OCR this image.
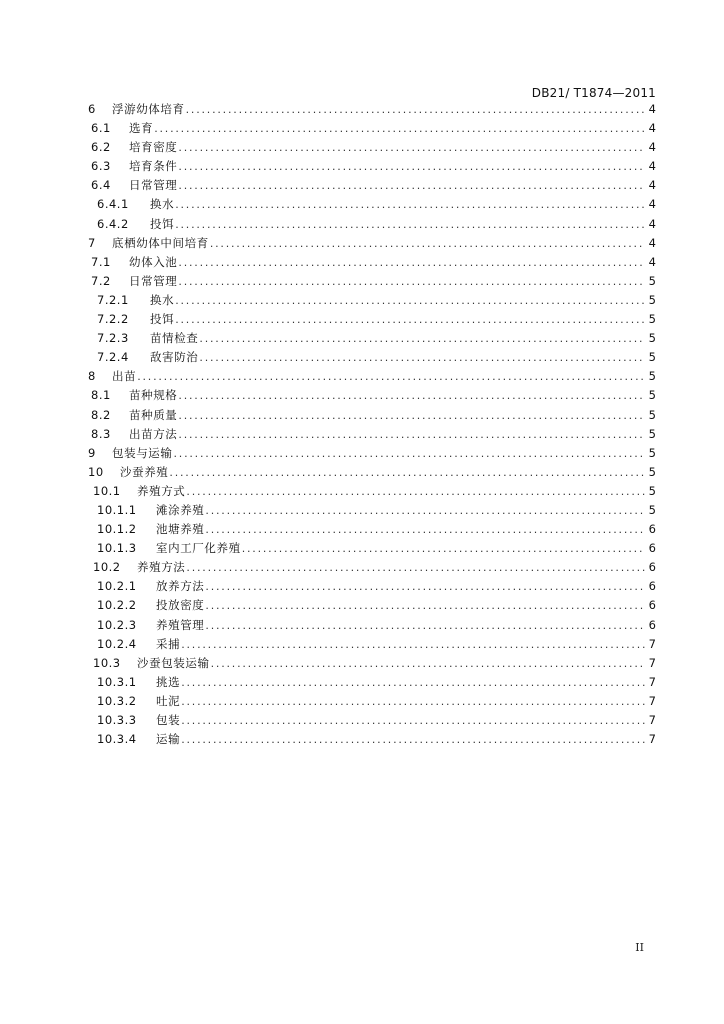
DB21/ T1874—2011
6	浮游幼体培育 .....	4
6.1	选育 .....	4
6.2	培育密度 .....	4
6.3	培育条件 .....	4
6.4	日常管理 .....	4
6.4.1	换水 .....	4
6.4.2	投饵 .....	4
7	底栖幼体中间培育 .....	4
7.1	幼体入池 .....	4
7.2	日常管理 .....	5
7.2.1	换水 .....	5
7.2.2	投饵 .....	5
7.2.3	苗情检查 .....	5
7.2.4	敌害防治 .....	5
8	出苗 .....	5
8.1	苗种规格 .....	5
8.2	苗种质量 .....	5
8.3	出苗方法 .....	5
9	包装与运输 .....	5
10	沙蚕养殖 .....	5
10.1	养殖方式 .....	5
10.1.1	滩涂养殖 .....	5
10.1.2	池塘养殖 .....	6
10.1.3	室内工厂化养殖 .....	6
10.2	养殖方法 .....	6
10.2.1	放养方法 .....	6
10.2.2	投放密度 .....	6
10.2.3	养殖管理 .....	6
10.2.4	采捕 .....	7
10.3	沙蚕包装运输 .....	7
10.3.1	挑选 .....	7
10.3.2	吐泥 .....	7
10.3.3	包装 .....	7
10.3.4	运输 .....	7
II
